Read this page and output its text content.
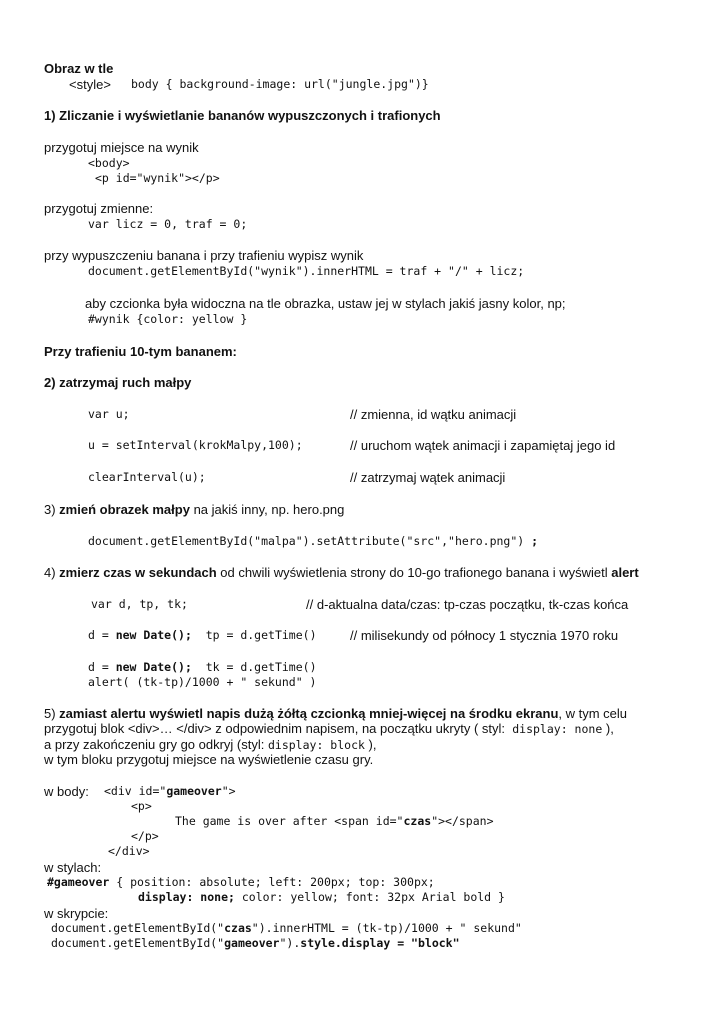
Obraz w tle
<style> body { background-image: url("jungle.jpg")}
1) Zliczanie i wyświetlanie bananów wypuszczonych i trafionych
przygotuj miejsce na wynik
<body>
<p id="wynik"></p>
przygotuj zmienne:
var licz = 0, traf = 0;
przy wypuszczeniu banana i przy trafieniu wypisz wynik
document.getElementById("wynik").innerHTML = traf + "/" + licz;
aby czcionka była widoczna na tle obrazka, ustaw jej w stylach jakiś jasny kolor, np;
#wynik {color: yellow }
Przy trafieniu 10-tym bananem:
2) zatrzymaj ruch małpy
var u;	// zmienna, id wątku animacji
u = setInterval(krokMalpy,100);	// uruchom wątek animacji i zapamiętaj jego id
clearInterval(u);	// zatrzymaj wątek animacji
3) zmień obrazek małpy na jakiś inny, np. hero.png
document.getElementById("malpa").setAttribute("src","hero.png") ;
4) zmierz czas w sekundach od chwili wyświetlenia strony do 10-go trafionego banana i wyświetl alert
var d, tp, tk;	// d-aktualna data/czas: tp-czas początku, tk-czas końca
d = new Date();  tp = d.getTime()	// milisekundy od północy 1 stycznia 1970 roku
d = new Date();  tk = d.getTime()
alert( (tk-tp)/1000 + " sekund" )
5) zamiast alertu wyświetl napis dużą żółtą czcionką mniej-więcej na środku ekranu, w tym celu
przygotuj blok <div>… </div> z odpowiednim napisem, na początku ukryty ( styl:  display: none ),
a przy zakończeniu gry go odkryj (styl: display: block ),
w tym bloku przygotuj miejsce na wyświetlenie czasu gry.
w body: <div id="gameover">
<p>
The game is over after <span id="czas"></span>
</p>
</div>
w stylach:
#gameover { position: absolute; left: 200px; top: 300px;
display: none; color: yellow; font: 32px Arial bold }
w skrypcie:
document.getElementById("czas").innerHTML = (tk-tp)/1000 + " sekund"
document.getElementById("gameover").style.display = "block"
